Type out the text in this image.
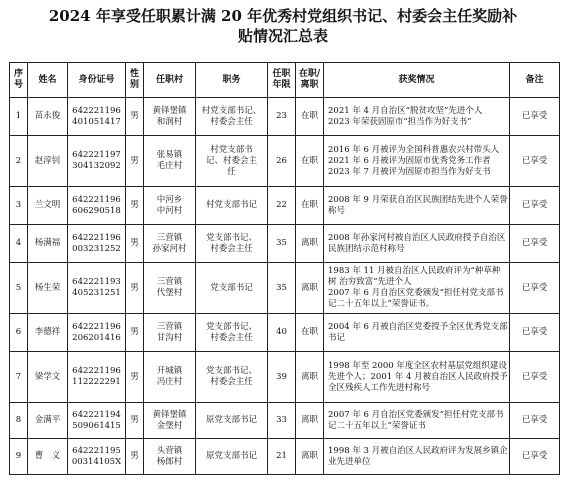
2024 年享受任职累计满 20 年优秀村党组织书记、村委会主任奖励补
贴情况汇总表
序号	姓名	身份证号	性别	任职村	职务	任职年限	在职/离职	获奖情况	备注
1	苗永俊	642221196
401051417	男	黄铎堡镇
和润村	村党支部书记、
村委会主任	23	在职	2021 年 4 月自治区“脱贫攻坚”先进个人
2023 年荣获固原市“担当作为好支书”	已享受
2	赵淳钊	642221197
304132092	男	张易镇
毛庄村	村党支部书
记、村委会主
任	26	在职	2016 年 6 月被评为全国科普惠农兴村带头人
2021 年 6 月被评为固原市优秀党务工作者
2023 年 7 月被评为固原市担当作为好支书	已享受
3	兰文明	642221196
606290518	男	中河乡
中河村	村党支部书记	22	在职	2008 年 9 月荣获自治区民族团结先进个人荣誉称号	已享受
4	杨满福	642221196
003231252	男	三营镇
孙家河村	党支部书记、
村委会主任	35	离职	2008 年孙家河村被自治区人民政府授予自治区民族团结示范村称号	已享受
5	杨生荣	642221193
405231251	男	三营镇
代堡村	党支部书记	35	离职	1983 年 11 月被自治区人民政府评为“种草种树 治穷致富”先进个人
2007 年 6 月自治区党委颁发“担任村党支部书记二十五年以上”荣誉证书。	已享受
6	李德祥	642221196
206201416	男	三营镇
甘沟村	党支部书记、
村委会主任	40	在职	2004 年 6 月被自治区党委授予全区优秀党支部书记	已享受
7	梁学文	642221196
112222291	男	开城镇
冯庄村	党支部书记、
村委会主任	39	离职	1998 年至 2000 年度全区农村基层党组织建设先进个人；2001 年 4 月被自治区人民政府授予全区残疾人工作先进村称号	已享受
8	金满平	642221194
509061415	男	黄铎堡镇
金堡村	原党支部书记	33	离职	2007 年 6 月自治区党委颁发“担任村党支部书记二十五年以上”荣誉证书	已享受
9	曹　义	642221195
00314105X	男	头营镇
杨郎村	原党支部书记	21	离职	1998 年 3 月被自治区人民政府评为发展乡镇企业先进单位	已享受
